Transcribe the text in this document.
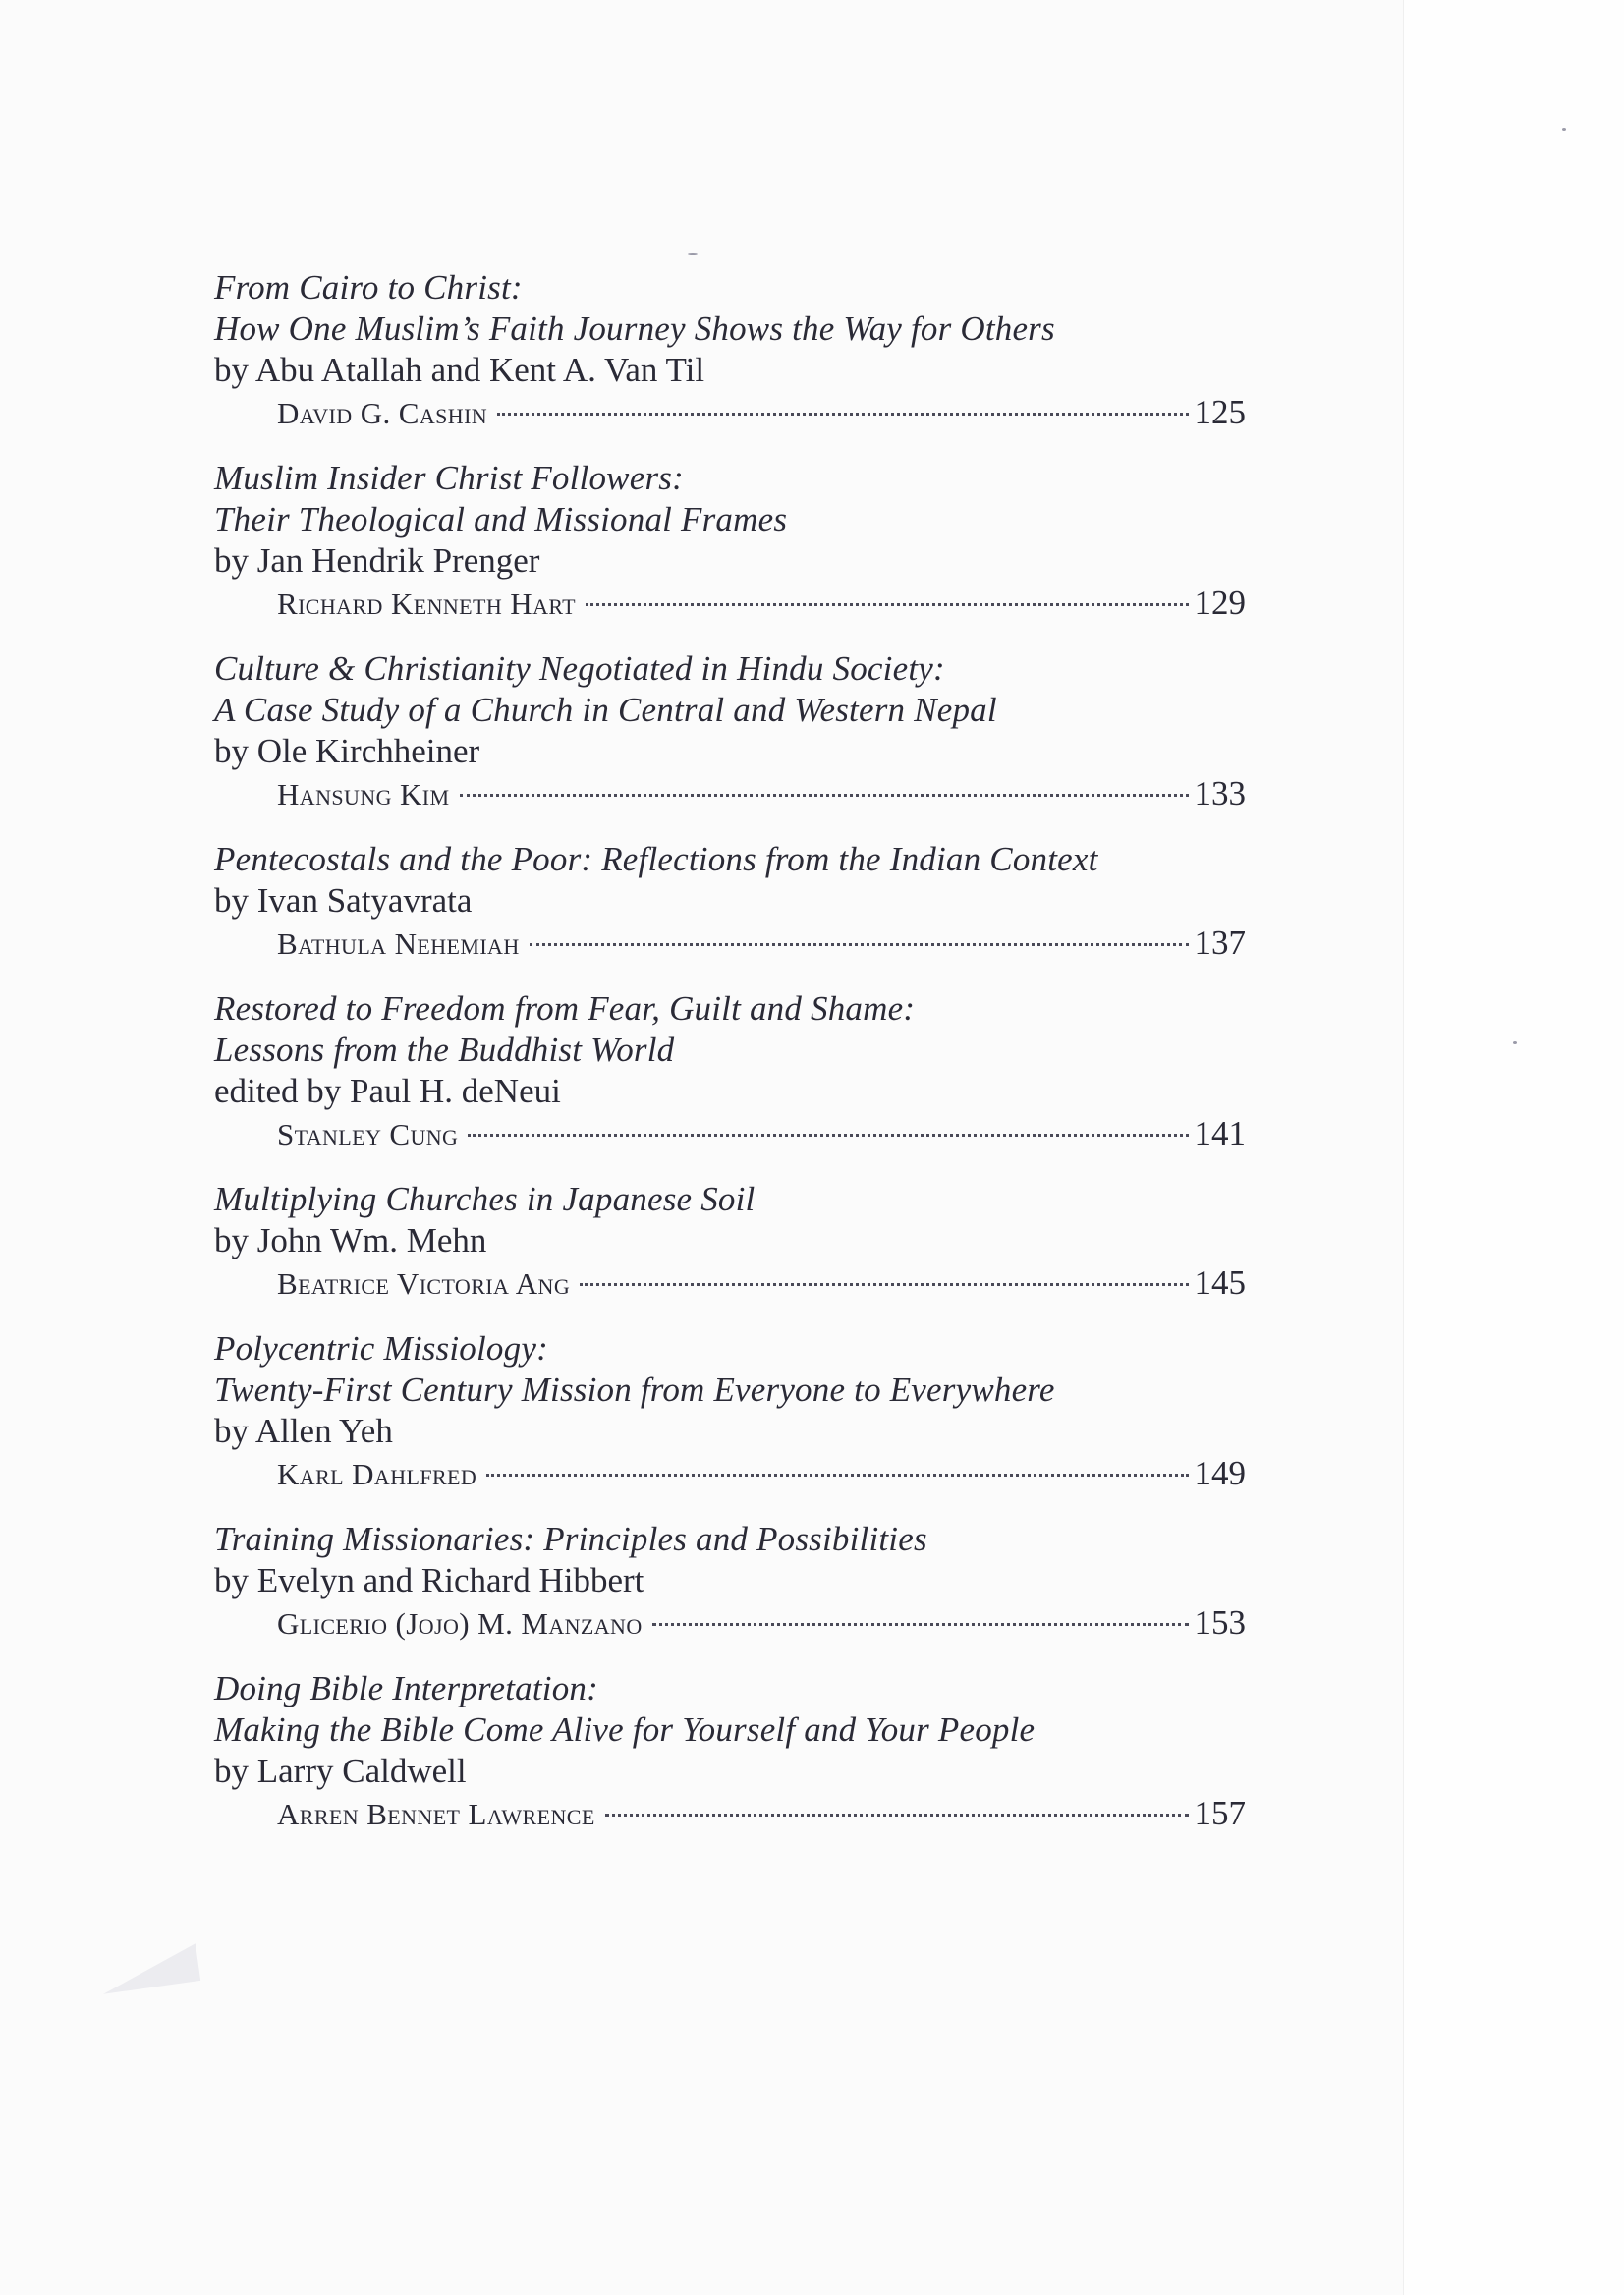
From Cairo to Christ:
How One Muslim’s Faith Journey Shows the Way for Others
by Abu Atallah and Kent A. Van Til
David G. Cashin	125
Muslim Insider Christ Followers:
Their Theological and Missional Frames
by Jan Hendrik Prenger
Richard Kenneth Hart	129
Culture & Christianity Negotiated in Hindu Society:
A Case Study of a Church in Central and Western Nepal
by Ole Kirchheiner
Hansung Kim	133
Pentecostals and the Poor: Reflections from the Indian Context
by Ivan Satyavrata
Bathula Nehemiah	137
Restored to Freedom from Fear, Guilt and Shame:
Lessons from the Buddhist World
edited by Paul H. deNeui
Stanley Cung	141
Multiplying Churches in Japanese Soil
by John Wm. Mehn
Beatrice Victoria Ang	145
Polycentric Missiology:
Twenty-First Century Mission from Everyone to Everywhere
by Allen Yeh
Karl Dahlfred	149
Training Missionaries: Principles and Possibilities
by Evelyn and Richard Hibbert
Glicerio (Jojo) M. Manzano	153
Doing Bible Interpretation:
Making the Bible Come Alive for Yourself and Your People
by Larry Caldwell
Arren Bennet Lawrence	157
